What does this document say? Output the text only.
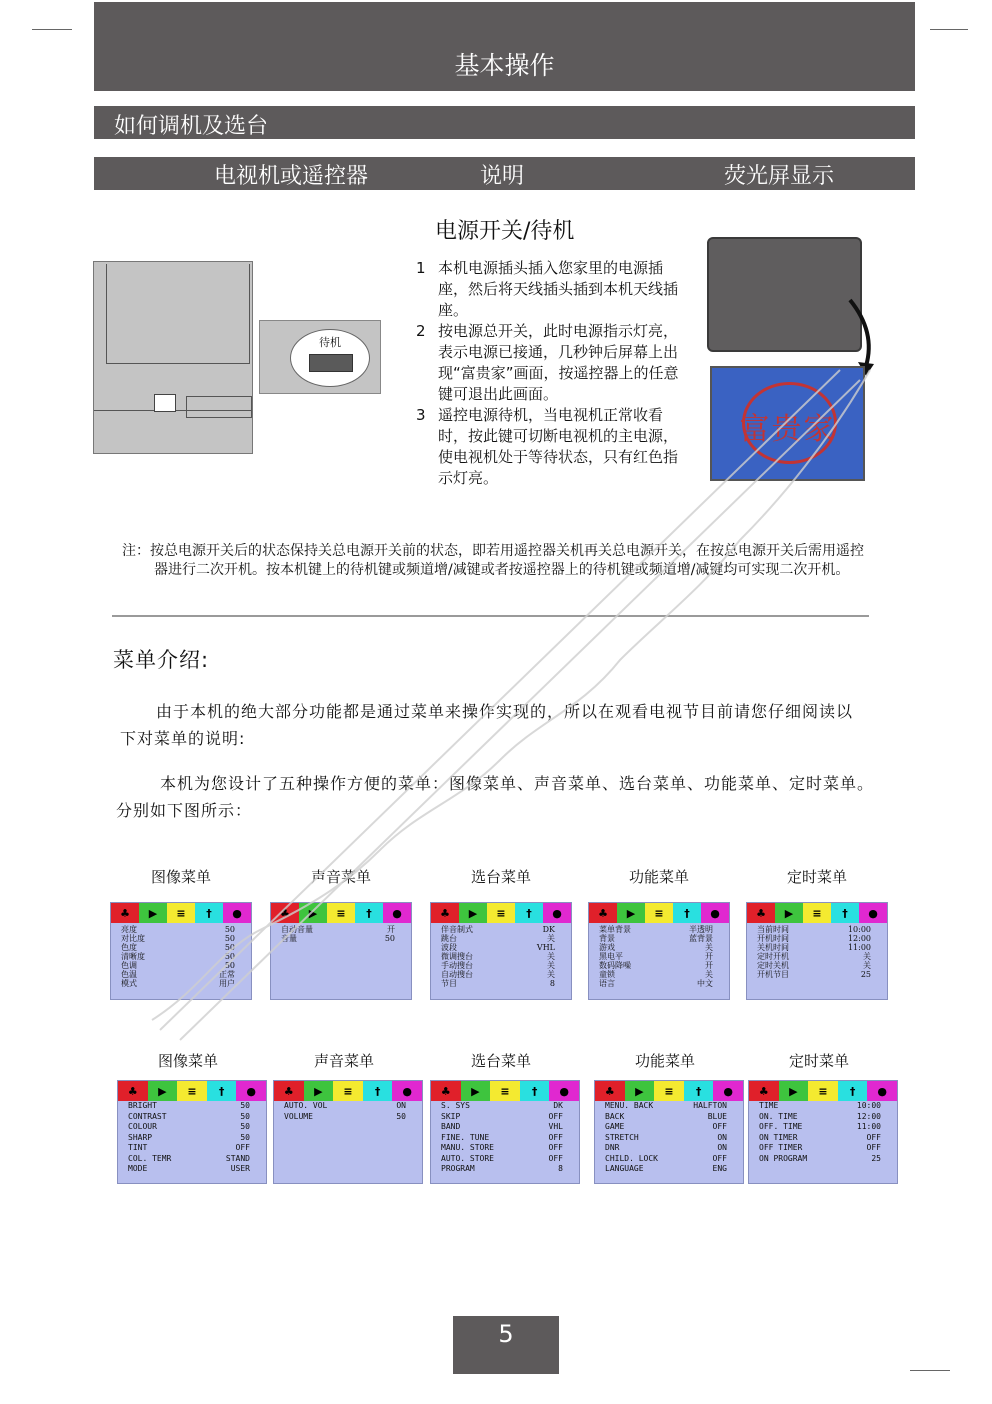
基本操作
如何调机及选台
电视机或遥控器	说明	荧光屏显示
电源开关/待机
待机
1 本机电源插头插入您家里的电源插座，然后将天线插头插到本机天线插座。
2 按电源总开关，此时电源指示灯亮，表示电源已接通，几秒钟后屏幕上出现“富贵家”画面，按遥控器上的任意键可退出此画面。
3 遥控电源待机，当电视机正常收看时，按此键可切断电视机的主电源，使电视机处于等待状态，只有红色指示灯亮。
富贵家
注：按总电源开关后的状态保持关总电源开关前的状态，即若用遥控器关机再关总电源开关，在按总电源开关后需用遥控器进行二次开机。按本机键上的待机键或频道增/减键或者按遥控器上的待机键或频道增/减键均可实现二次开机。
菜单介绍:
由于本机的绝大部分功能都是通过菜单来操作实现的，所以在观看电视节目前请您仔细阅读以下对菜单的说明:
本机为您设计了五种操作方便的菜单：图像菜单、声音菜单、选台菜单、功能菜单、定时菜单。分别如下图所示：
图像菜单
♣	▶	≡	†	●
亮度	50
对比度	50
色度	50
清晰度	50
色调	50
色温	正常
模式	用户
声音菜单
♣	▶	≡	†	●
自动音量	开
音量	50
选台菜单
♣	▶	≡	†	●
伴音制式	DK
跳台	关
波段	VHL
微调搜台	关
手动搜台	关
自动搜台	关
节目	8
功能菜单
♣	▶	≡	†	●
菜单背景	半透明
背景	蓝背景
游戏	关
黑电平	开
数码降噪	开
童锁	关
语言	中文
定时菜单
♣	▶	≡	†	●
当前时间	10:00
开机时间	12:00
关机时间	11:00
定时开机	关
定时关机	关
开机节目	25
图像菜单
♣	▶	≡	†	●
BRIGHT	50
CONTRAST	50
COLOUR	50
SHARP	50
TINT	OFF
COL. TEMR	STAND
MODE	USER
声音菜单
♣	▶	≡	†	●
AUTO. VOL	ON
VOLUME	50
选台菜单
♣	▶	≡	†	●
S. SYS	DK
SKIP	OFF
BAND	VHL
FINE. TUNE	OFF
MANU. STORE	OFF
AUTO. STORE	OFF
PROGRAM	8
功能菜单
♣	▶	≡	†	●
MENU. BACK	HALFTON
BACK	BLUE
GAME	OFF
STRETCH	ON
DNR	ON
CHILD. LOCK	OFF
LANGUAGE	ENG
定时菜单
♣	▶	≡	†	●
TIME	10:00
ON. TIME	12:00
OFF. TIME	11:00
ON TIMER	OFF
OFF TIMER	OFF
ON PROGRAM	25
5
